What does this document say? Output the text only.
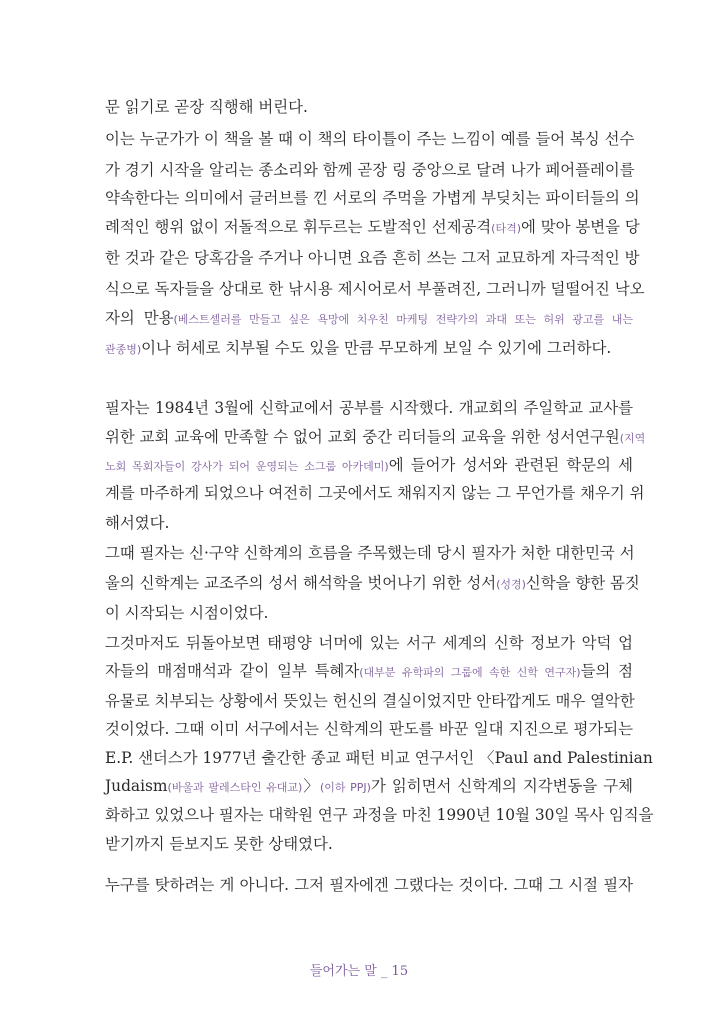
문 읽기로 곧장 직행해 버린다.
이는 누군가가 이 책을 볼 때 이 책의 타이틀이 주는 느낌이 예를 들어 복싱 선수
가 경기 시작을 알리는 종소리와 함께 곧장 링 중앙으로 달려 나가 페어플레이를
약속한다는 의미에서 글러브를 낀 서로의 주먹을 가볍게 부딪치는 파이터들의 의
례적인 행위 없이 저돌적으로 휘두르는 도발적인 선제공격(타격)에 맞아 봉변을 당
한 것과 같은 당혹감을 주거나 아니면 요즘 흔히 쓰는 그저 교묘하게 자극적인 방
식으로 독자들을 상대로 한 낚시용 제시어로서 부풀려진, 그러니까 덜떨어진 낙오
자의 만용(베스트셀러를 만들고 싶은 욕망에 치우친 마케팅 전략가의 과대 또는 허위 광고를 내는
관종병)이나 허세로 치부될 수도 있을 만큼 무모하게 보일 수 있기에 그러하다.
필자는 1984년 3월에 신학교에서 공부를 시작했다. 개교회의 주일학교 교사를
위한 교회 교육에 만족할 수 없어 교회 중간 리더들의 교육을 위한 성서연구원(지역
노회 목회자들이 강사가 되어 운영되는 소그룹 아카데미)에 들어가 성서와 관련된 학문의 세
계를 마주하게 되었으나 여전히 그곳에서도 채워지지 않는 그 무언가를 채우기 위
해서였다.
그때 필자는 신·구약 신학계의 흐름을 주목했는데 당시 필자가 처한 대한민국 서
울의 신학계는 교조주의 성서 해석학을 벗어나기 위한 성서(성경)신학을 향한 몸짓
이 시작되는 시점이었다.
그것마저도 뒤돌아보면 태평양 너머에 있는 서구 세계의 신학 정보가 악덕 업
자들의 매점매석과 같이 일부 특혜자(대부분 유학파의 그룹에 속한 신학 연구자)들의 점
유물로 치부되는 상황에서 뜻있는 헌신의 결실이었지만 안타깝게도 매우 열악한
것이었다. 그때 이미 서구에서는 신학계의 판도를 바꾼 일대 지진으로 평가되는
E.P. 샌더스가 1977년 출간한 종교 패턴 비교 연구서인 〈Paul and Palestinian
Judaism(바울과 팔레스타인 유대교)〉(이하 PPJ)가 읽히면서 신학계의 지각변동을 구체
화하고 있었으나 필자는 대학원 연구 과정을 마친 1990년 10월 30일 목사 임직을
받기까지 듣보지도 못한 상태였다.
누구를 탓하려는 게 아니다. 그저 필자에겐 그랬다는 것이다. 그때 그 시절 필자
들어가는 말 _ 15
